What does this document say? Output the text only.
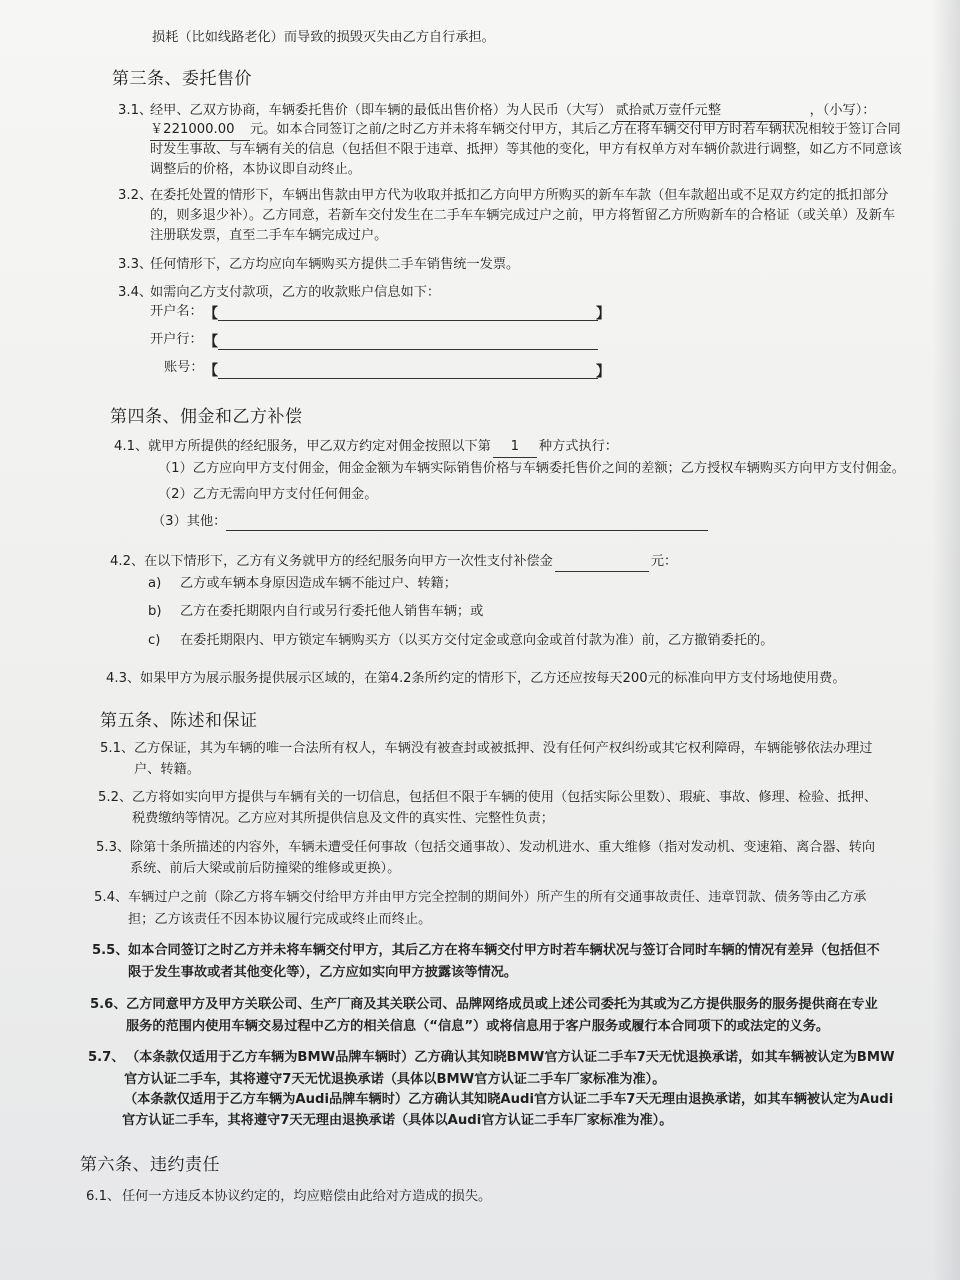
损耗（比如线路老化）而导致的损毁灭失由乙方自行承担。
第三条、委托售价
3.1、
经甲、乙双方协商，车辆委托售价（即车辆的最低出售价格）为人民币（大写） 贰拾贰万壹仟元整	，（小写）：
￥221000.00 元。如本合同签订之前/之时乙方并未将车辆交付甲方，其后乙方在将车辆交付甲方时若车辆状况相较于签订合同
时发生事故、与车辆有关的信息（包括但不限于违章、抵押）等其他的变化，甲方有权单方对车辆价款进行调整，如乙方不同意该
调整后的价格，本协议即自动终止。
3.2、
在委托处置的情形下，车辆出售款由甲方代为收取并抵扣乙方向甲方所购买的新车车款（但车款超出或不足双方约定的抵扣部分
的，则多退少补）。乙方同意，若新车交付发生在二手车车辆完成过户之前，甲方将暂留乙方所购新车的合格证（或关单）及新车
注册联发票，直至二手车车辆完成过户。
3.3、
任何情形下，乙方均应向车辆购买方提供二手车销售统一发票。
3.4、
如需向乙方支付款项，乙方的收款账户信息如下：
开户名： 【	】
开户行： 【
账号： 【	】
第四条、佣金和乙方补偿
4.1、 就甲方所提供的经纪服务，甲乙双方约定对佣金按照以下第 1 种方式执行：
（1）乙方应向甲方支付佣金，佣金金额为车辆实际销售价格与车辆委托售价之间的差额；乙方授权车辆购买方向甲方支付佣金。
（2）乙方无需向甲方支付任何佣金。
（3）其他：
4.2、 在以下情形下，乙方有义务就甲方的经纪服务向甲方一次性支付补偿金	元：
a) 乙方或车辆本身原因造成车辆不能过户、转籍；
b) 乙方在委托期限内自行或另行委托他人销售车辆；或
c) 在委托期限内、甲方锁定车辆购买方（以买方交付定金或意向金或首付款为准）前，乙方撤销委托的。
4.3、 如果甲方为展示服务提供展示区域的，在第4.2条所约定的情形下，乙方还应按每天200元的标准向甲方支付场地使用费。
第五条、陈述和保证
5.1、 乙方保证，其为车辆的唯一合法所有权人，车辆没有被查封或被抵押、没有任何产权纠纷或其它权利障碍，车辆能够依法办理过
户、转籍。
5.2、 乙方将如实向甲方提供与车辆有关的一切信息，包括但不限于车辆的使用（包括实际公里数）、瑕疵、事故、修理、检验、抵押、
税费缴纳等情况。乙方应对其所提供信息及文件的真实性、完整性负责；
5.3、 除第十条所描述的内容外，车辆未遭受任何事故（包括交通事故）、发动机进水、重大维修（指对发动机、变速箱、离合器、转向
系统、前后大梁或前后防撞梁的维修或更换）。
5.4、 车辆过户之前（除乙方将车辆交付给甲方并由甲方完全控制的期间外）所产生的所有交通事故责任、违章罚款、债务等由乙方承
担；乙方该责任不因本协议履行完成或终止而终止。
5.5、 如本合同签订之时乙方并未将车辆交付甲方，其后乙方在将车辆交付甲方时若车辆状况与签订合同时车辆的情况有差异（包括但不
限于发生事故或者其他变化等），乙方应如实向甲方披露该等情况。
5.6、 乙方同意甲方及甲方关联公司、生产厂商及其关联公司、品牌网络成员或上述公司委托为其或为乙方提供服务的服务提供商在专业
服务的范围内使用车辆交易过程中乙方的相关信息（“信息”）或将信息用于客户服务或履行本合同项下的或法定的义务。
5.7、 （本条款仅适用于乙方车辆为BMW品牌车辆时）乙方确认其知晓BMW官方认证二手车7天无忧退换承诺，如其车辆被认定为BMW
官方认证二手车，其将遵守7天无忧退换承诺（具体以BMW官方认证二手车厂家标准为准）。
（本条款仅适用于乙方车辆为Audi品牌车辆时）乙方确认其知晓Audi官方认证二手车7天无理由退换承诺，如其车辆被认定为Audi
官方认证二手车，其将遵守7天无理由退换承诺（具体以Audi官方认证二手车厂家标准为准）。
第六条、违约责任
6.1、 任何一方违反本协议约定的，均应赔偿由此给对方造成的损失。
